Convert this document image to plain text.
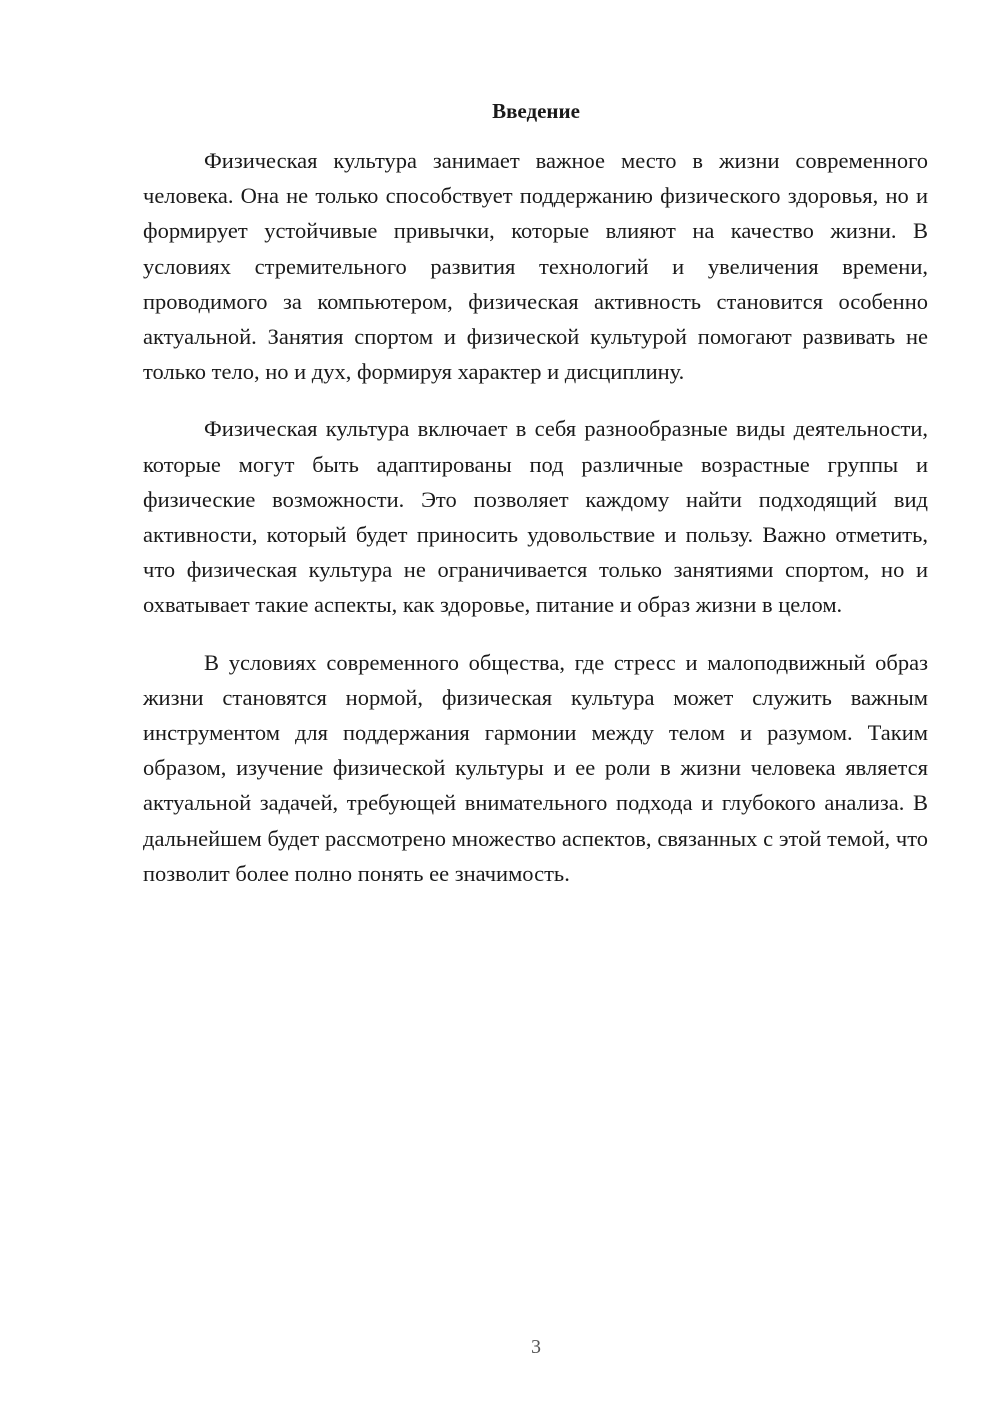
Введение

Физическая культура занимает важное место в жизни современного человека. Она не только способствует поддержанию физического здоровья, но и формирует устойчивые привычки, которые влияют на качество жизни. В условиях стремительного развития технологий и увеличения времени, проводимого за компьютером, физическая активность становится особенно актуальной. Занятия спортом и физической культурой помогают развивать не только тело, но и дух, формируя характер и дисциплину.

Физическая культура включает в себя разнообразные виды деятельности, которые могут быть адаптированы под различные возрастные группы и физические возможности. Это позволяет каждому найти подходящий вид активности, который будет приносить удовольствие и пользу. Важно отметить, что физическая культура не ограничивается только занятиями спортом, но и охватывает такие аспекты, как здоровье, питание и образ жизни в целом.

В условиях современного общества, где стресс и малоподвижный образ жизни становятся нормой, физическая культура может служить важным инструментом для поддержания гармонии между телом и разумом. Таким образом, изучение физической культуры и ее роли в жизни человека является актуальной задачей, требующей внимательного подхода и глубокого анализа. В дальнейшем будет рассмотрено множество аспектов, связанных с этой темой, что позволит более полно понять ее значимость.

3
